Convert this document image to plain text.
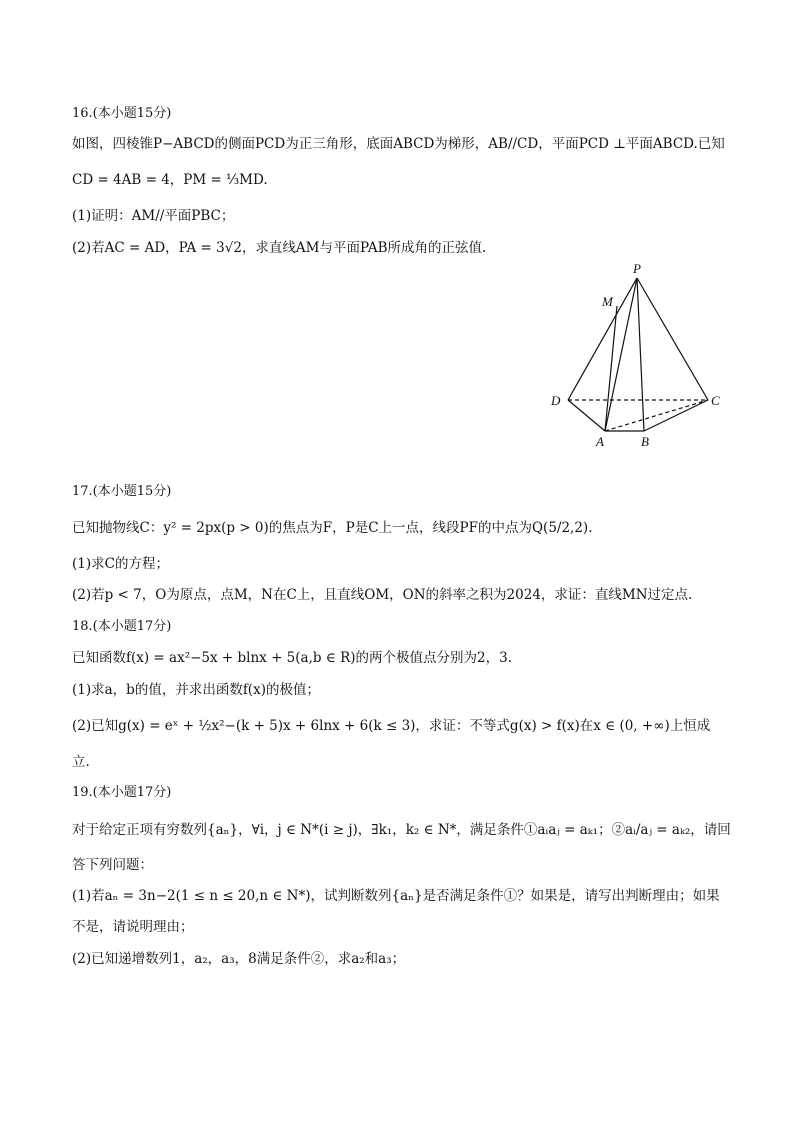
16.(本小题15分)
如图，四棱锥P−ABCD的侧面PCD为正三角形，底面ABCD为梯形，AB//CD，平面PCD ⊥平面ABCD.已知
CD = 4AB = 4，PM = ⅓MD.
(1)证明：AM//平面PBC；
(2)若AC = AD，PA = 3√2，求直线AM与平面PAB所成角的正弦值.
P
M
D	C
A	B
17.(本小题15分)
已知抛物线C：y² = 2px(p > 0)的焦点为F，P是C上一点，线段PF的中点为Q(5/2,2).
(1)求C的方程；
(2)若p < 7，O为原点，点M，N在C上，且直线OM，ON的斜率之积为2024，求证：直线MN过定点.
18.(本小题17分)
已知函数f(x) = ax²−5x + blnx + 5(a,b ∈ R)的两个极值点分别为2，3.
(1)求a，b的值，并求出函数f(x)的极值；
(2)已知g(x) = eˣ + ½x²−(k + 5)x + 6lnx + 6(k ≤ 3)，求证：不等式g(x) > f(x)在x ∈ (0, +∞)上恒成
立.
19.(本小题17分)
对于给定正项有穷数列{aₙ}，∀i，j ∈ N*(i ≥ j)，∃k₁，k₂ ∈ N*，满足条件①aᵢaⱼ = aₖ₁；②aᵢ/aⱼ = aₖ₂，请回
答下列问题：
(1)若aₙ = 3n−2(1 ≤ n ≤ 20,n ∈ N*)，试判断数列{aₙ}是否满足条件①？如果是，请写出判断理由；如果
不是，请说明理由；
(2)已知递增数列1，a₂，a₃，8满足条件②，求a₂和a₃；
